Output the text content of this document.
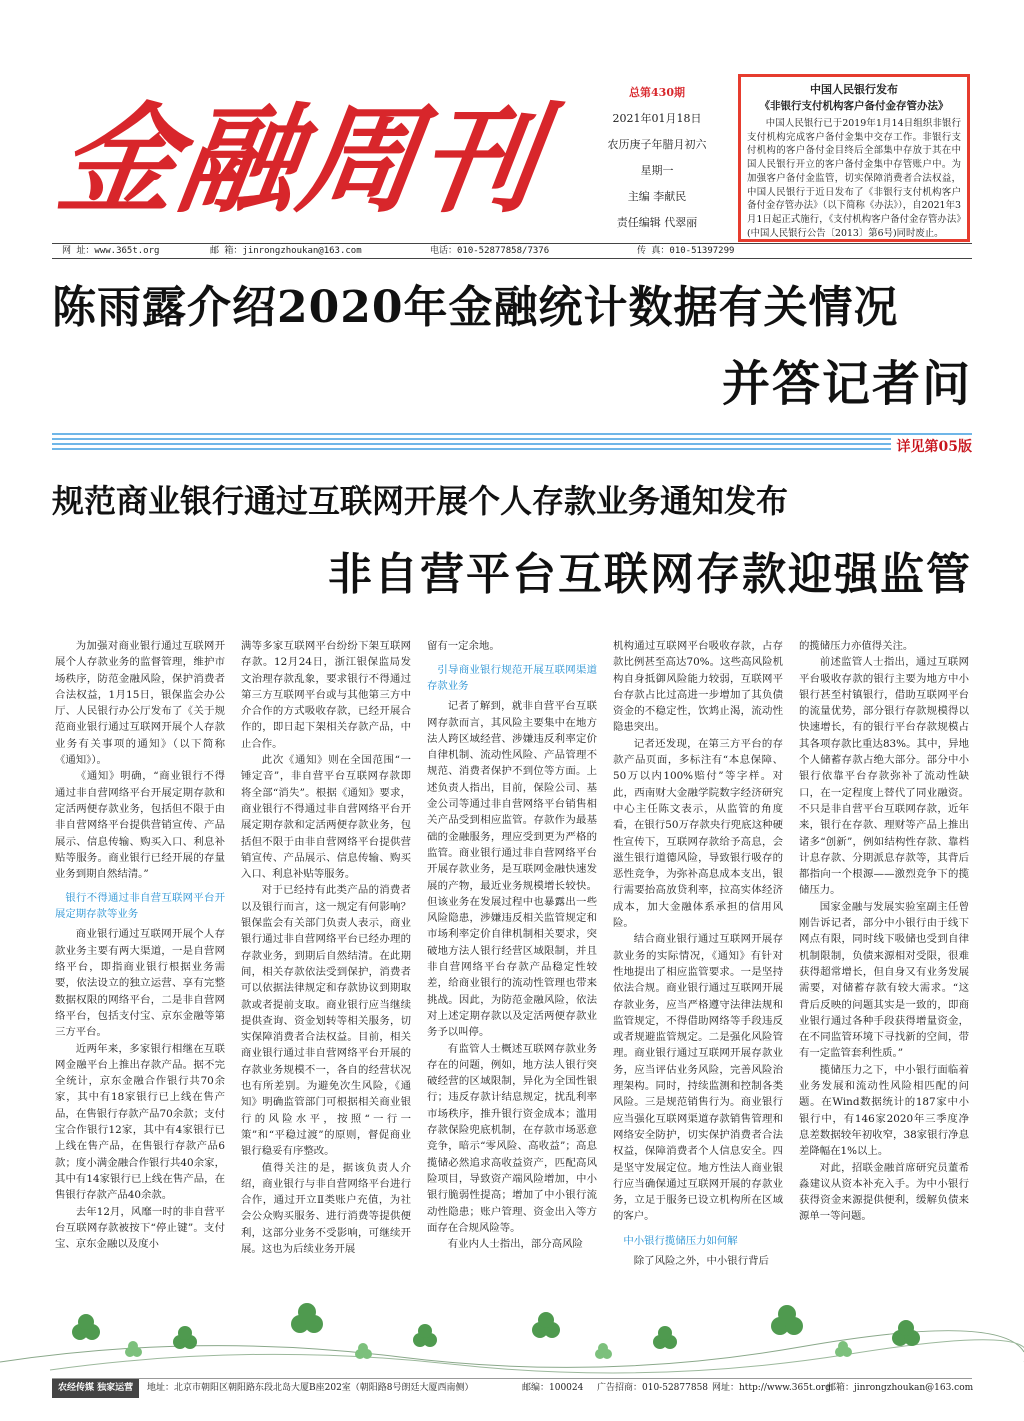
金融周刊	总第430期
2021年01月18日
农历庚子年腊月初六
星期一
主编 李献民
责任编辑 代翠丽
中国人民银行发布
《非银行支付机构客户备付金存管办法》
中国人民银行已于2019年1月14日组织非银行支付机构完成客户备付金集中交存工作。非银行支付机构的客户备付金目终后全部集中存放于其在中国人民银行开立的客户备付金集中存管账户中。为加强客户备付金监管，切实保障消费者合法权益，中国人民银行于近日发布了《非银行支付机构客户备付金存管办法》（以下简称《办法》），自2021年3月1日起正式施行，《支付机构客户备付金存管办法》(中国人民银行公告〔2013〕第6号)同时废止。
网 址：www.365t.org	邮 箱：jinrongzhoukan@163.com	电话：010-52877858/7376	传 真：010-51397299
陈雨露介绍2020年金融统计数据有关情况
并答记者问
详见第05版
规范商业银行通过互联网开展个人存款业务通知发布
非自营平台互联网存款迎强监管

为加强对商业银行通过互联网开展个人存款业务的监督管理，维护市场秩序，防范金融风险，保护消费者合法权益，1月15日，银保监会办公厅、人民银行办公厅发布了《关于规范商业银行通过互联网开展个人存款业务有关事项的通知》（以下简称《通知》）。

《通知》明确，“商业银行不得通过非自营网络平台开展定期存款和定活两便存款业务，包括但不限于由非自营网络平台提供营销宣传、产品展示、信息传输、购买入口、利息补贴等服务。商业银行已经开展的存量业务到期自然结清。”

银行不得通过非自营互联网平台开展定期存款等业务

商业银行通过互联网开展个人存款业务主要有两大渠道，一是自营网络平台，即指商业银行根据业务需要，依法设立的独立运营、享有完整数据权限的网络平台，二是非自营网络平台，包括支付宝、京东金融等第三方平台。

近两年来，多家银行相继在互联网金融平台上推出存款产品。据不完全统计，京东金融合作银行共70余家，其中有18家银行已上线在售产品，在售银行存款产品70余款；支付宝合作银行12家，其中有4家银行已上线在售产品，在售银行存款产品6款；度小满金融合作银行共40余家，其中有14家银行已上线在售产品，在售银行存款产品40余款。

去年12月，风靡一时的非自营平台互联网存款被按下“停止键”。支付宝、京东金融以及度小

满等多家互联网平台纷纷下架互联网存款。12月24日，浙江银保监局发文治理存款乱象，要求银行不得通过第三方互联网平台或与其他第三方中介合作的方式吸收存款，已经开展合作的，即日起下架相关存款产品，中止合作。

此次《通知》则在全国范围“一锤定音”，非自营平台互联网存款即将全部“消失”。根据《通知》要求，商业银行不得通过非自营网络平台开展定期存款和定活两便存款业务，包括但不限于由非自营网络平台提供营销宣传、产品展示、信息传输、购买入口、利息补贴等服务。

对于已经持有此类产品的消费者以及银行而言，这一规定有何影响？银保监会有关部门负责人表示，商业银行通过非自营网络平台已经办理的存款业务，到期后自然结清。在此期间，相关存款依法受到保护，消费者可以依据法律规定和存款协议到期取款或者提前支取。商业银行应当继续提供查询、资金划转等相关服务，切实保障消费者合法权益。目前，相关商业银行通过非自营网络平台开展的存款业务规模不一，各自的经营状况也有所差别。为避免次生风险，《通知》明确监管部门可根据相关商业银行的风险水平，按照“一行一策”和“平稳过渡”的原则，督促商业银行稳妥有序整改。

值得关注的是，据该负责人介绍，商业银行与非自营网络平台进行合作，通过开立Ⅱ类账户充值，为社会公众购买服务、进行消费等提供便利，这部分业务不受影响，可继续开展。这也为后续业务开展

留有一定余地。

引导商业银行规范开展互联网渠道存款业务

记者了解到，就非自营平台互联网存款而言，其风险主要集中在地方法人跨区域经营、涉嫌违反利率定价自律机制、流动性风险、产品管理不规范、消费者保护不到位等方面。上述负责人指出，目前，保险公司、基金公司等通过非自营网络平台销售相关产品受到相应监管。存款作为最基础的金融服务，理应受到更为严格的监管。商业银行通过非自营网络平台开展存款业务，是互联网金融快速发展的产物，最近业务规模增长较快。但该业务在发展过程中也暴露出一些风险隐患，涉嫌违反相关监管规定和市场利率定价自律机制相关要求，突破地方法人银行经营区域限制，并且非自营网络平台存款产品稳定性较差，给商业银行的流动性管理也带来挑战。因此，为防范金融风险，依法对上述定期存款以及定活两便存款业务予以叫停。

有监管人士概述互联网存款业务存在的问题，例如，地方法人银行突破经营的区域限制，异化为全国性银行；违反存款计结息规定，扰乱利率市场秩序，推升银行资金成本；滥用存款保险兜底机制，在存款市场恶意竞争，暗示“零风险、高收益”；高息揽储必然追求高收益资产，匹配高风险项目，导致资产端风险增加，中小银行脆弱性提高；增加了中小银行流动性隐患；账户管理、资金出入等方面存在合规风险等。

有业内人士指出，部分高风险

机构通过互联网平台吸收存款，占存款比例甚至高达70%。这些高风险机构自身抵御风险能力较弱，互联网平台存款占比过高进一步增加了其负债资金的不稳定性，饮鸩止渴，流动性隐患突出。

记者还发现，在第三方平台的存款产品页面，多标注有“本息保障、50万以内100%赔付”等字样。对此，西南财大金融学院数字经济研究中心主任陈文表示，从监管的角度看，在银行50万存款央行兜底这种硬性宣传下，互联网存款给予高息，会滋生银行道德风险，导致银行吸存的恶性竞争，为弥补高息成本支出，银行需要抬高放贷利率，拉高实体经济成本，加大金融体系承担的信用风险。

结合商业银行通过互联网开展存款业务的实际情况，《通知》有针对性地提出了相应监管要求。一是坚持依法合规。商业银行通过互联网开展存款业务，应当严格遵守法律法规和监管规定，不得借助网络等手段违反或者规避监管规定。二是强化风险管理。商业银行通过互联网开展存款业务，应当评估业务风险，完善风险治理架构。同时，持续监测和控制各类风险。三是规范销售行为。商业银行应当强化互联网渠道存款销售管理和网络安全防护，切实保护消费者合法权益，保障消费者个人信息安全。四是坚守发展定位。地方性法人商业银行应当确保通过互联网开展的存款业务，立足于服务已设立机构所在区域的客户。

中小银行揽储压力如何解

除了风险之外，中小银行背后

的揽储压力亦值得关注。

前述监管人士指出，通过互联网平台吸收存款的银行主要为地方中小银行甚至村镇银行，借助互联网平台的流量优势，部分银行存款规模得以快速增长，有的银行平台存款规模占其各项存款比重达83%。其中，异地个人储蓄存款占绝大部分。部分中小银行依靠平台存款弥补了流动性缺口，在一定程度上替代了同业融资。不只是非自营平台互联网存款，近年来，银行在存款、理财等产品上推出诸多“创新”，例如结构性存款、靠档计息存款、分期派息存款等，其背后都指向一个根源——激烈竞争下的揽储压力。

国家金融与发展实验室副主任曾刚告诉记者，部分中小银行由于线下网点有限，同时线下吸储也受到自律机制限制，负债来源相对受限，很难获得超常增长，但自身又有业务发展需要，对储蓄存款有较大需求。“这背后反映的问题其实是一致的，即商业银行通过各种手段获得增量资金，在不同监管环境下寻找新的空间，带有一定监管套利性质。”

揽储压力之下，中小银行面临着业务发展和流动性风险相匹配的问题。在Wind数据统计的187家中小银行中，有146家2020年三季度净息差数据较年初收窄，38家银行净息差降幅在1%以上。

对此，招联金融首席研究员董希淼建议从资本补充入手。为中小银行获得资金来源提供便利，缓解负债来源单一等问题。

农经传媒 独家运营	地址：北京市朝阳区朝阳路东段北岛大厦B座202室（朝阳路8号朗廷大厦西南侧）	邮编：100024 广告招商：010-52877858 网址：http://www.365t.org
邮箱：jinrongzhoukan@163.com
